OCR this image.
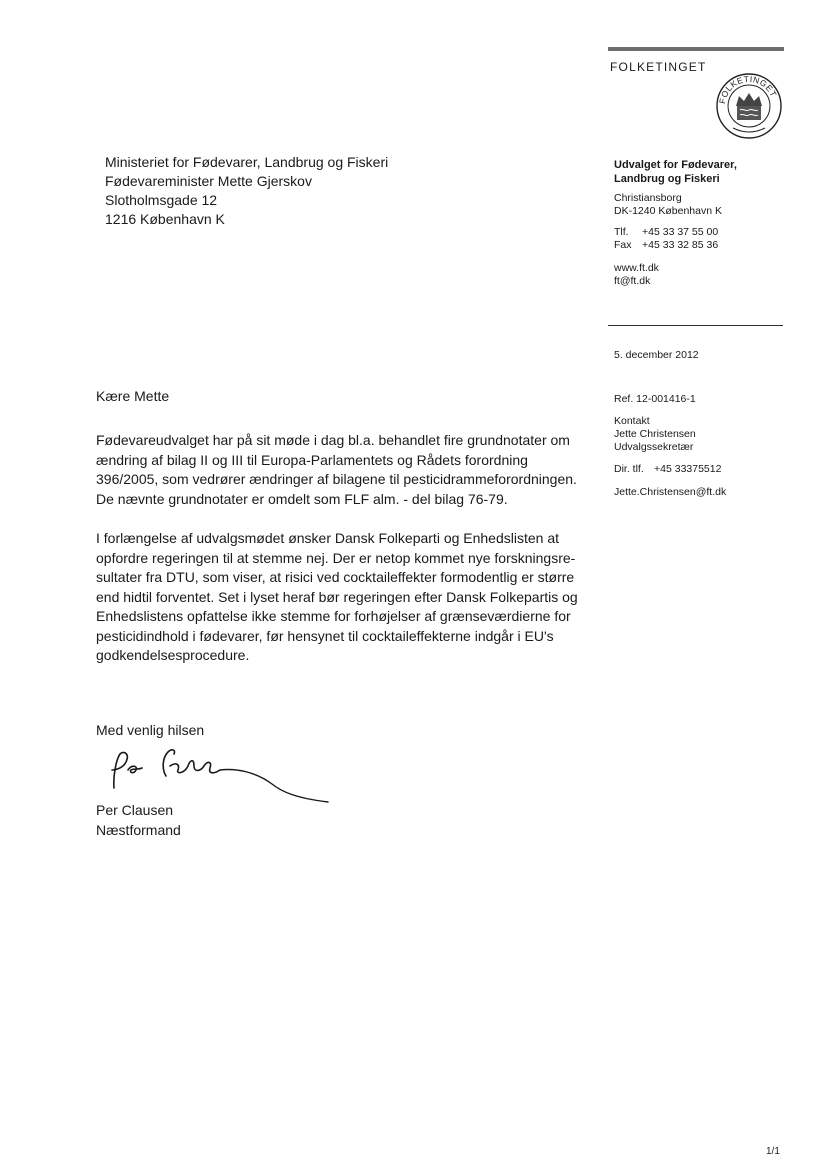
FOLKETINGET
FOLKETINGET
Ministeriet for Fødevarer, Landbrug og Fiskeri
Fødevareminister Mette Gjerskov
Slotholmsgade 12
1216 København K
Udvalget for Fødevarer,
Landbrug og Fiskeri
Christiansborg
DK-1240 København K
Tlf. +45 33 37 55 00
Fax +45 33 32 85 36
www.ft.dk
ft@ft.dk
5. december 2012
Ref. 12-001416-1
Kontakt
Jette Christensen
Udvalgssekretær
Dir. tlf. +45 33375512
Jette.Christensen@ft.dk
Kære Mette
Fødevareudvalget har på sit møde i dag bl.a. behandlet fire grundnotater om
ændring af bilag II og III til Europa-Parlamentets og Rådets forordning
396/2005, som vedrører ændringer af bilagene til pesticidrammeforordningen.
De nævnte grundnotater er omdelt som FLF alm. - del bilag 76-79.
I forlængelse af udvalgsmødet ønsker Dansk Folkeparti og Enhedslisten at
opfordre regeringen til at stemme nej. Der er netop kommet nye forskningsre-
sultater fra DTU, som viser, at risici ved cocktaileffekter formodentlig er større
end hidtil forventet. Set i lyset heraf bør regeringen efter Dansk Folkepartis og
Enhedslistens opfattelse ikke stemme for forhøjelser af grænseværdierne for
pesticidindhold i fødevarer, før hensynet til cocktaileffekterne indgår i EU's
godkendelsesprocedure.
Med venlig hilsen
Per Clausen
Næstformand
1/1
